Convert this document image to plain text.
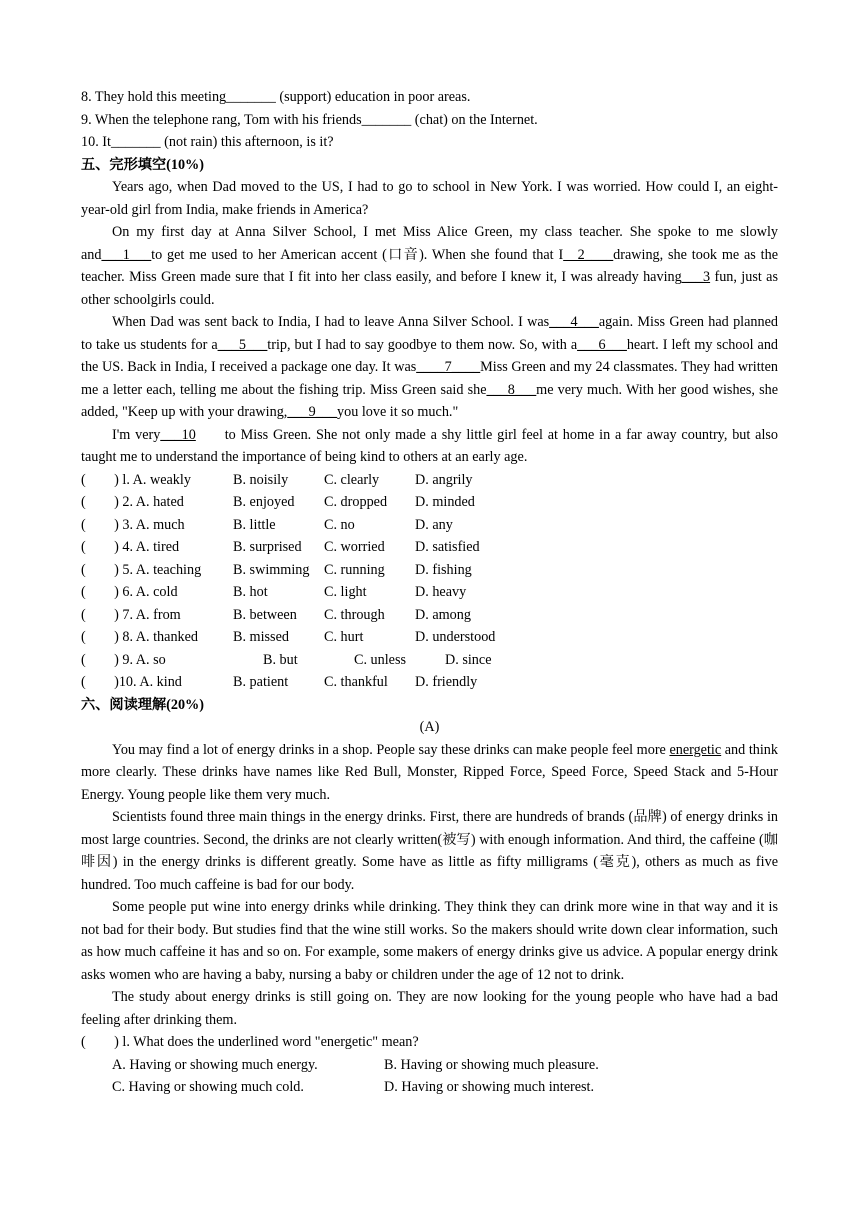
8. They hold this meeting_______ (support) education in poor areas.
9. When the telephone rang, Tom with his friends_______ (chat) on the Internet.
10. It_______ (not rain) this afternoon, is it?
五、完形填空(10%)

Years ago, when Dad moved to the US, I had to go to school in New York. I was worried. How could I, an eight-year-old girl from India, make friends in America?

On my first day at Anna Silver School, I met Miss Alice Green, my class teacher. She spoke to me slowly and___1___to get me used to her American accent (口音). When she found that I   2____drawing, she took me as the teacher. Miss Green made sure that I fit into her class easily, and before I knew it, I was already having___3 fun, just as other schoolgirls could.

When Dad was sent back to India, I had to leave Anna Silver School. I was___4___again. Miss Green had planned to take us students for a___5___trip, but I had to say goodbye to them now. So, with a___6___heart. I left my school and the US. Back in India, I received a package one day. It was____7____Miss Green and my 24 classmates. They had written me a letter each, telling me about the fishing trip. Miss Green said she___8___me very much. With her good wishes, she added, "Keep up with your drawing,___9___you love it so much."

I'm very___10      to Miss Green. She not only made a shy little girl feel at home in a far away country, but also taught me to understand the importance of being kind to others at an early age.

(        ) l. A. weakly	B. noisily	C. clearly	D. angrily
(        ) 2. A. hated	B. enjoyed	C. dropped	D. minded
(        ) 3. A. much	B. little	C. no	D. any
(        ) 4. A. tired	B. surprised	C. worried	D. satisfied
(        ) 5. A. teaching	B. swimming	C. running	D. fishing
(        ) 6. A. cold	B. hot	C. light	D. heavy
(        ) 7. A. from	B. between	C. through	D. among
(        ) 8. A. thanked	B. missed	C. hurt	D. understood
(        ) 9. A. so	B. but	C. unless	D. since
(        )10. A. kind	B. patient	C. thankful	D. friendly
六、阅读理解(20%)
(A)

You may find a lot of energy drinks in a shop. People say these drinks can make people feel more energetic and think more clearly. These drinks have names like Red Bull, Monster, Ripped Force, Speed Force, Speed Stack and 5-Hour Energy. Young people like them very much.

Scientists found three main things in the energy drinks. First, there are hundreds of brands (品牌) of energy drinks in most large countries. Second, the drinks are not clearly written(被写) with enough information. And third, the caffeine (咖啡因) in the energy drinks is different greatly. Some have as little as fifty milligrams (毫克), others as much as five hundred. Too much caffeine is bad for our body.

Some people put wine into energy drinks while drinking. They think they can drink more wine in that way and it is not bad for their body. But studies find that the wine still works. So the makers should write down clear information, such as how much caffeine it has and so on. For example, some makers of energy drinks give us advice. A popular energy drink asks women who are having a baby, nursing a baby or children under the age of 12 not to drink.

The study about energy drinks is still going on. They are now looking for the young people who have had a bad feeling after drinking them.

(        ) l. What does the underlined word "energetic" mean?
A. Having or showing much energy.	B. Having or showing much pleasure.
C. Having or showing much cold.	D. Having or showing much interest.
